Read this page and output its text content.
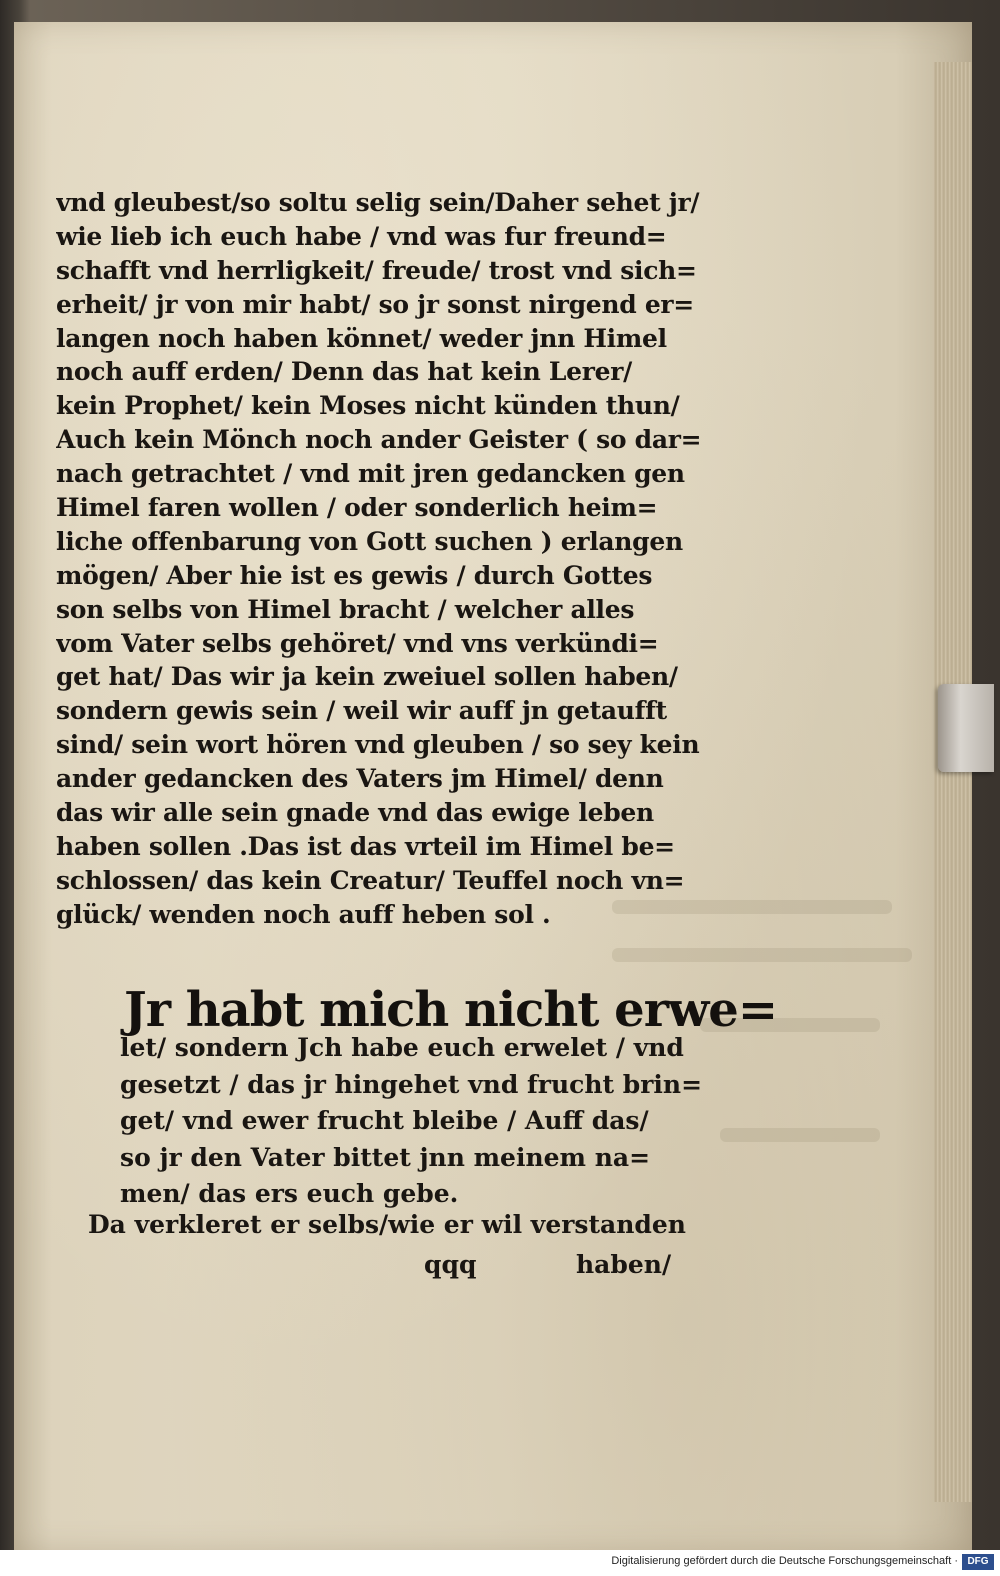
vnd gleubest/so soltu selig sein/Daher sehet jr/
wie lieb ich euch habe / vnd was fur freund=
schafft vnd herrligkeit/ freude/ trost vnd sich=
erheit/ jr von mir habt/ so jr sonst nirgend er=
langen noch haben könnet/ weder jnn Himel
noch auff erden/ Denn das hat kein Lerer/
kein Prophet/ kein Moses nicht künden thun/
Auch kein Mönch noch ander Geister ( so dar=
nach getrachtet / vnd mit jren gedancken gen
Himel faren wollen / oder sonderlich heim=
liche offenbarung von Gott suchen ) erlangen
mögen/ Aber hie ist es gewis / durch Gottes
son selbs von Himel bracht / welcher alles
vom Vater selbs gehöret/ vnd vns verkündi=
get hat/ Das wir ja kein zweiuel sollen haben/
sondern gewis sein / weil wir auff jn getaufft
sind/ sein wort hören vnd gleuben / so sey kein
ander gedancken des Vaters jm Himel/ denn
das wir alle sein gnade vnd das ewige leben
haben sollen .Das ist das vrteil im Himel be=
schlossen/ das kein Creatur/ Teuffel noch vn=
glück/ wenden noch auff heben sol .
Jr habt mich nicht erwe=
let/ sondern Jch habe euch erwelet / vnd
gesetzt / das jr hingehet vnd frucht brin=
get/ vnd ewer frucht bleibe / Auff das/
so jr den Vater bittet jnn meinem na=
men/ das ers euch gebe.
Da verkleret er selbs/wie er wil verstanden
qqq	haben/
Digitalisierung gefördert durch die Deutsche Forschungsgemeinschaft · DFG
